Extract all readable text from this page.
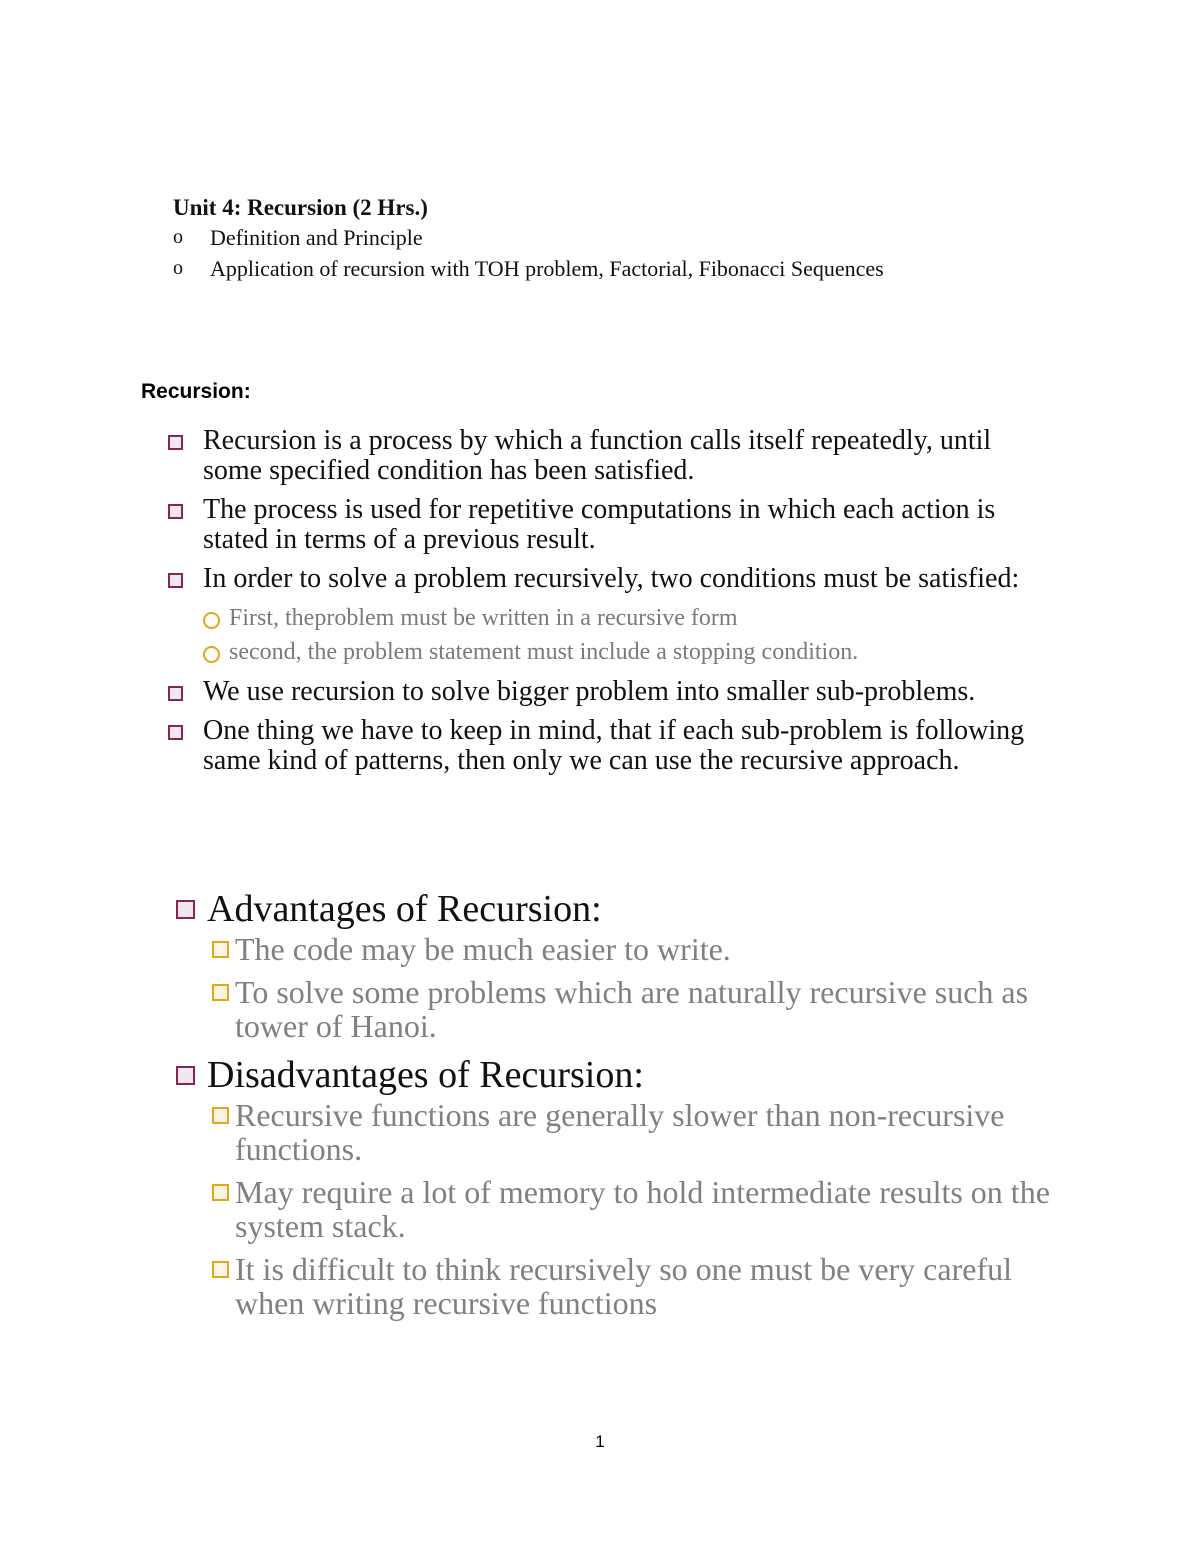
Unit 4: Recursion (2 Hrs.)

o	Definition and Principle
o	Application of recursion with TOH problem, Factorial, Fibonacci Sequences
Recursion:
Recursion is a process by which a function calls itself repeatedly, until some specified condition has been satisfied.
The process is used for repetitive computations in which each action is stated in terms of a previous result.
In order to solve a problem recursively, two conditions must be satisfied:
First, theproblem must be written in a recursive form
second, the problem statement must include a stopping condition.
We use recursion to solve bigger problem into smaller sub-problems.
One thing we have to keep in mind, that if each sub-problem is following same kind of patterns, then only we can use the recursive approach.
Advantages of Recursion:
The code may be much easier to write.
To solve some problems which are naturally recursive such as tower of Hanoi.
Disadvantages of Recursion:
Recursive functions are generally slower than non-recursive functions.
May require a lot of memory to hold intermediate results on the system stack.
It is difficult to think recursively so one must be very careful when writing recursive functions
1
